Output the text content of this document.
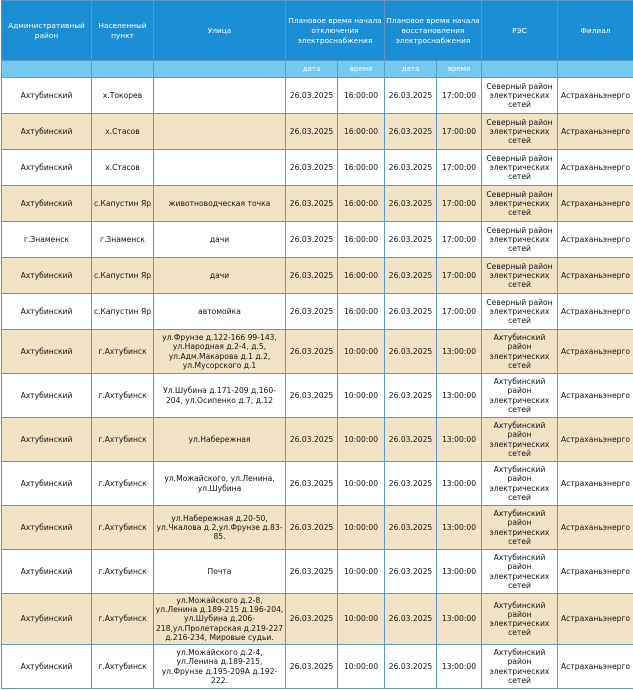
Административный район	Населенный пункт	Улица	Плановое время начала отключения электроснабжения		Плановое время начала восстановления электроснабжения		РЭС	Филиал
			дата	время	дата	время		
Ахтубинский	х.Токорев		26.03.2025	16:00:00	26.03.2025	17:00:00	Северный район электрических сетей	Астраханьэнерго
Ахтубинский	х.Стасов		26.03.2025	16:00:00	26.03.2025	17:00:00	Северный район электрических сетей	Астраханьэнерго
Ахтубинский	х.Стасов		26.03.2025	16:00:00	26.03.2025	17:00:00	Северный район электрических сетей	Астраханьэнерго
Ахтубинский	с.Капустин Яр	животноводческая точка	26.03.2025	16:00:00	26.03.2025	17:00:00	Северный район электрических сетей	Астраханьэнерго
г.Знаменск	г.Знаменск	дачи	26.03.2025	16:00:00	26.03.2025	17:00:00	Северный район электрических сетей	Астраханьэнерго
Ахтубинский	с.Капустин Яр	дачи	26.03.2025	16:00:00	26.03.2025	17:00:00	Северный район электрических сетей	Астраханьэнерго
Ахтубинский	с.Капустин Яр	автомойка	26.03.2025	16:00:00	26.03.2025	17:00:00	Северный район электрических сетей	Астраханьэнерго
Ахтубинский	г.Ахтубинск	ул.Фрунзе д.122-166 99-143, ул.Народная д.2-4, д.5, ул.Адм.Макарова д.1 д.2, ул.Мусорского д.1	26.03.2025	10:00:00	26.03.2025	13:00:00	Ахтубинский район электрических сетей	Астраханьэнерго
Ахтубинский	г.Ахтубинск	Ул.Шубина д.171-209 д.160-204, ул.Осипенко д.7, д.12	26.03.2025	10:00:00	26.03.2025	13:00:00	Ахтубинский район электрических сетей	Астраханьэнерго
Ахтубинский	г.Ахтубинск	ул.Набережная	26.03.2025	10:00:00	26.03.2025	13:00:00	Ахтубинский район электрических сетей	Астраханьэнерго
Ахтубинский	г.Ахтубинск	ул.Можайского, ул.Ленина, ул.Шубина	26.03.2025	10:00:00	26.03.2025	13:00:00	Ахтубинский район электрических сетей	Астраханьэнерго
Ахтубинский	г.Ахтубинск	ул.Набережная д.20-50, ул.Чкалова д.2,ул.Фрунзе д.83-85.	26.03.2025	10:00:00	26.03.2025	13:00:00	Ахтубинский район электрических сетей	Астраханьэнерго
Ахтубинский	г.Ахтубинск	Почта	26.03.2025	10:00:00	26.03.2025	13:00:00	Ахтубинский район электрических сетей	Астраханьэнерго
Ахтубинский	г.Ахтубинск	ул.Можайского д.2-8, ул.Ленина д.189-215 д.196-204, ул.Шубина д.206-218,ул.Пролетарская д.219-227 д.216-234, Мировые судьи.	26.03.2025	10:00:00	26.03.2025	13:00:00	Ахтубинский район электрических сетей	Астраханьэнерго
Ахтубинский	г.Ахтубинск	ул.Можайского д.2-4, ул.Ленина д.189-215, ул.Фрунзе д.195-209А д.192-222.	26.03.2025	10:00:00	26.03.2025	13:00:00	Ахтубинский район электрических сетей	Астраханьэнерго
